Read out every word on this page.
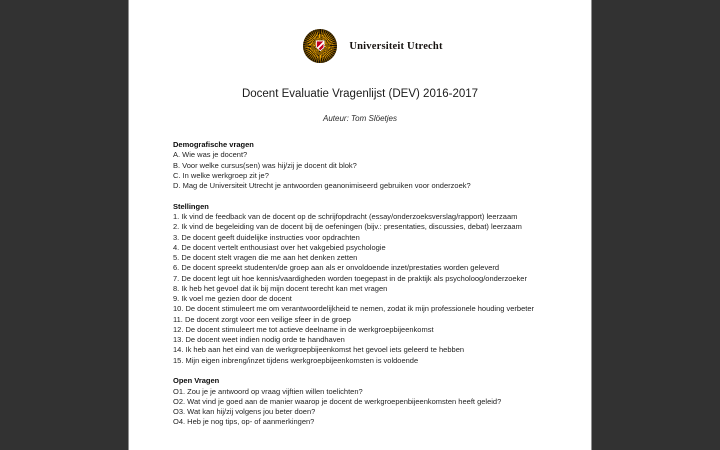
Universiteit Utrecht
Docent Evaluatie Vragenlijst (DEV) 2016-2017
Auteur: Tom Slöetjes
Demografische vragen
A. Wie was je docent?
B. Voor welke cursus(sen) was hij/zij je docent dit blok?
C. In welke werkgroep zit je?
D. Mag de Universiteit Utrecht je antwoorden geanonimiseerd gebruiken voor onderzoek?
Stellingen
1. Ik vind de feedback van de docent op de schrijfopdracht (essay/onderzoeksverslag/rapport) leerzaam
2. Ik vind de begeleiding van de docent bij de oefeningen (bijv.: presentaties, discussies, debat) leerzaam
3. De docent geeft duidelijke instructies voor opdrachten
4. De docent vertelt enthousiast over het vakgebied psychologie
5. De docent stelt vragen die me aan het denken zetten
6. De docent spreekt studenten/de groep aan als er onvoldoende inzet/prestaties worden geleverd
7. De docent legt uit hoe kennis/vaardigheden worden toegepast in de praktijk als psycholoog/onderzoeker
8. Ik heb het gevoel dat ik bij mijn docent terecht kan met vragen
9. Ik voel me gezien door de docent
10. De docent stimuleert me om verantwoordelijkheid te nemen, zodat ik mijn professionele houding verbeter
11. De docent zorgt voor een veilige sfeer in de groep
12. De docent stimuleert me tot actieve deelname in de werkgroepbijeenkomst
13. De docent weet indien nodig orde te handhaven
14. Ik heb aan het eind van de werkgroepbijeenkomst het gevoel iets geleerd te hebben
15. Mijn eigen inbreng/inzet tijdens werkgroepbijeenkomsten is voldoende
Open Vragen
O1. Zou je je antwoord op vraag vijftien willen toelichten?
O2. Wat vind je goed aan de manier waarop je docent de werkgroepenbijeenkomsten heeft geleid?
O3. Wat kan hij/zij volgens jou beter doen?
O4. Heb je nog tips, op- of aanmerkingen?
